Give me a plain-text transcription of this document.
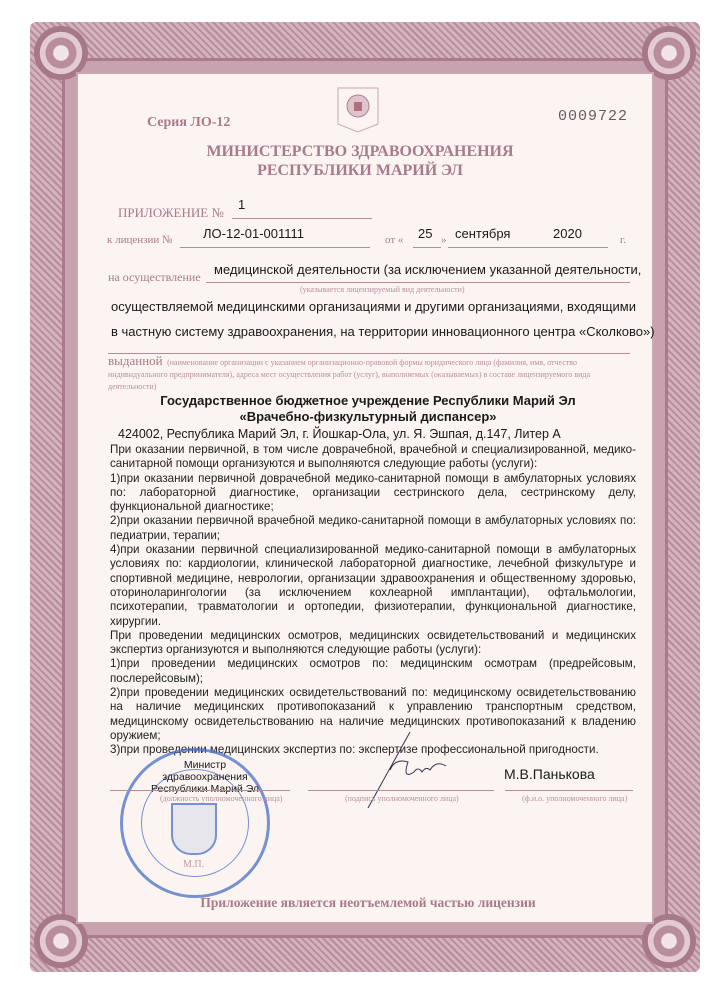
Серия ЛО-12	0009722
МИНИСТЕРСТВО ЗДРАВООХРАНЕНИЯ
РЕСПУБЛИКИ МАРИЙ ЭЛ
ПРИЛОЖЕНИЕ №
1
к лицензии № ЛО-12-01-001111	от « 25 » сентября	2020	г.
на осуществление
(указывается лицензируемый вид деятельности)
медицинской деятельности (за исключением указанной деятельности,
осуществляемой медицинскими организациями и другими организациями, входящими
в частную систему здравоохранения, на территории инновационного центра «Сколково»)
выданной (наименование организации с указанием организационно-правовой формы юридического лица (фамилия, имя, отчество индивидуального предпринимателя), адреса мест осуществления работ (услуг), выполняемых (оказываемых) в составе лицензируемого вида деятельности)
Государственное бюджетное учреждение Республики Марий Эл
«Врачебно-физкультурный диспансер»
424002, Республика Марий Эл, г. Йошкар-Ола, ул. Я. Эшпая, д.147, Литер А

При оказании первичной, в том числе доврачебной, врачебной и специализированной, медико-санитарной помощи организуются и выполняются следующие работы (услуги):

1)при оказании первичной доврачебной медико-санитарной помощи в амбулаторных условиях по: лабораторной диагностике, организации сестринского дела, сестринскому делу, функциональной диагностике;

2)при оказании первичной врачебной медико-санитарной помощи в амбулаторных условиях по: педиатрии, терапии;

4)при оказании первичной специализированной медико-санитарной помощи в амбулаторных условиях по: кардиологии, клинической лабораторной диагностике, лечебной физкультуре и спортивной медицине, неврологии, организации здравоохранения и общественному здоровью, оториноларингологии (за исключением кохлеарной имплантации), офтальмологии, психотерапии, травматологии и ортопедии, физиотерапии, функциональной диагностике, хирургии.

При проведении медицинских осмотров, медицинских освидетельствований и медицинских экспертиз организуются и выполняются следующие работы (услуги):

1)при проведении медицинских осмотров по: медицинским осмотрам (предрейсовым, послерейсовым);

2)при проведении медицинских освидетельствований по: медицинскому освидетельствованию на наличие медицинских противопоказаний к управлению транспортным средством, медицинскому освидетельствованию на наличие медицинских противопоказаний к владению оружием;

3)при проведении медицинских экспертиз по: экспертизе профессиональной пригодности.

М.П.
Министр здравоохранения
Республики Марий Эл
(должность уполномоченного лица)	(подпись уполномоченного лица)
М.В.Панькова
(ф.и.о. уполномоченного лица)
Приложение является неотъемлемой частью лицензии
